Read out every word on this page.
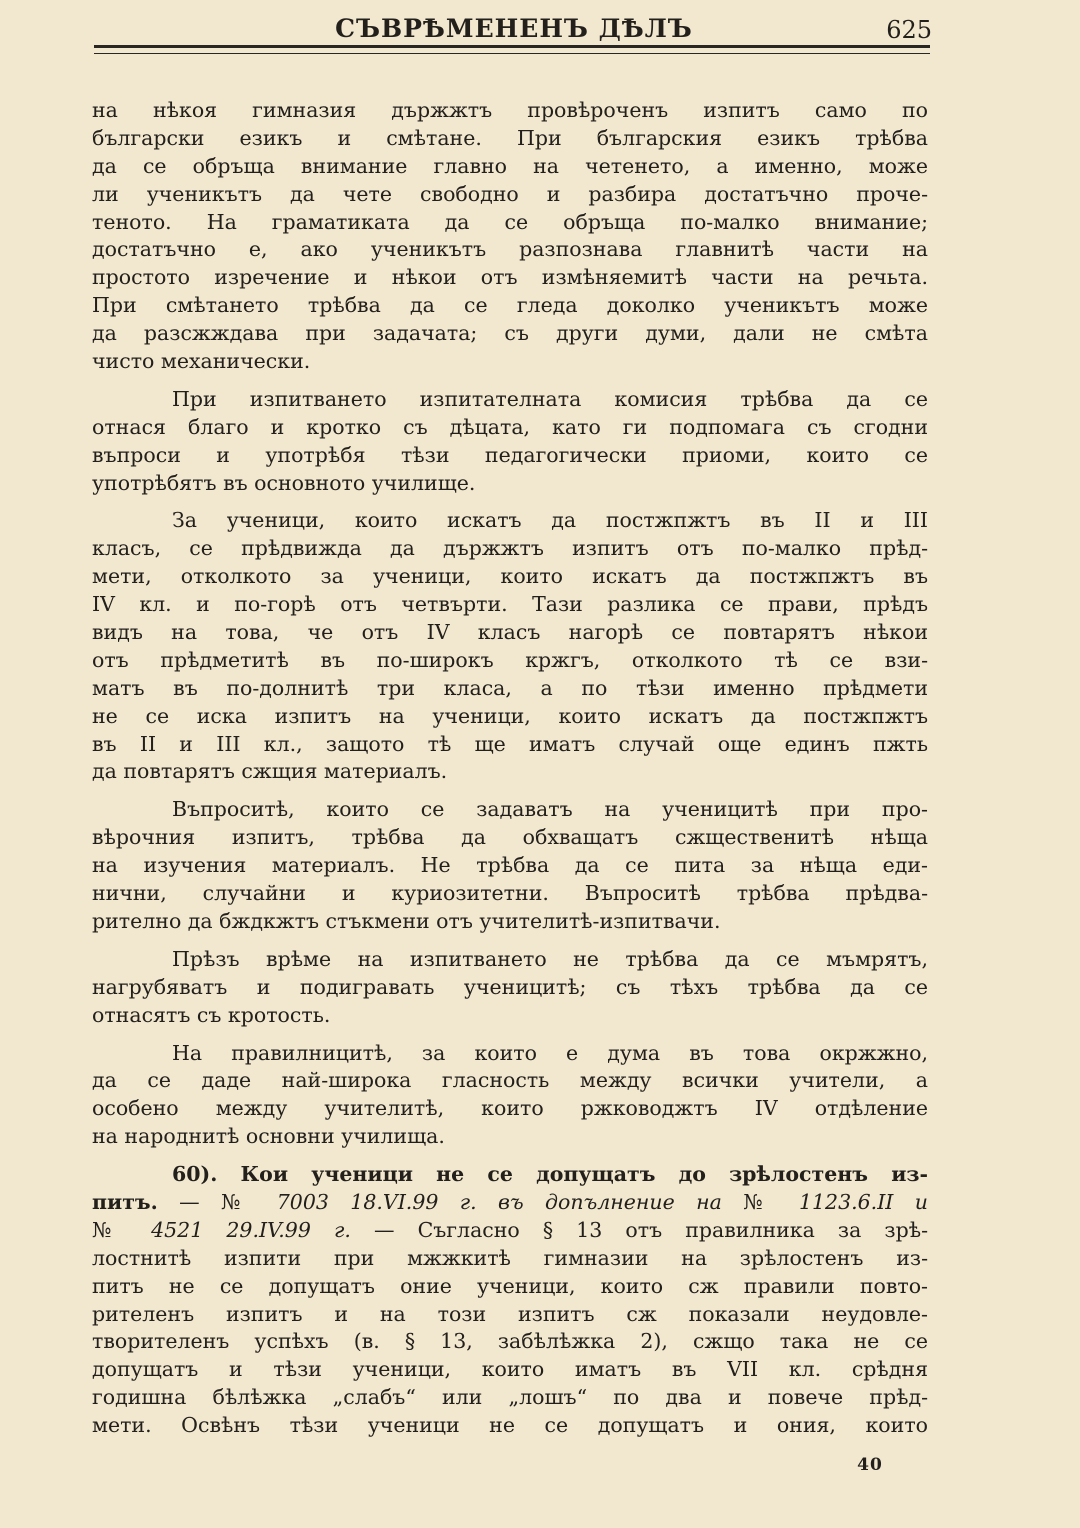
СЪВРѢМЕНЕНЪ ДѢЛЪ	625
на нѣкоя гимназия държжтъ провѣроченъ изпитъ само по
български езикъ и смѣтане. При българския езикъ трѣбва
да се обръща внимание главно на четенето, а именно, може
ли ученикътъ да чете свободно и разбира достатъчно проче-
теното. На граматиката да се обръща по-малко внимание;
достатъчно е, ако ученикътъ разпознава главнитѣ части на
простото изречение и нѣкои отъ измѣняемитѣ части на речьта.
При смѣтането трѣбва да се гледа доколко ученикътъ може
да разсжждава при задачата; съ други думи, дали не смѣта
чисто механически.
При изпитването изпитателната комисия трѣбва да се
отнася благо и кротко съ дѣцата, като ги подпомага съ сгодни
въпроси и употрѣбя тѣзи педагогически приоми, които се
употрѣбятъ въ основното училище.
За ученици, които искатъ да постжпжтъ въ II и III
класъ, се прѣдвижда да държжтъ изпитъ отъ по-малко прѣд-
мети, отколкото за ученици, които искатъ да постжпжтъ въ
IV кл. и по-горѣ отъ четвърти. Тази разлика се прави, прѣдъ
видъ на това, че отъ IV класъ нагорѣ се повтарятъ нѣкои
отъ прѣдметитѣ въ по-широкъ кржгъ, отколкото тѣ се взи-
матъ въ по-долнитѣ три класа, а по тѣзи именно прѣдмети
не се иска изпитъ на ученици, които искатъ да постжпжтъ
въ II и III кл., защото тѣ ще иматъ случай още единъ пжть
да повтарятъ сжщия материалъ.
Въпроситѣ, които се задаватъ на ученицитѣ при про-
вѣрочния изпитъ, трѣбва да обхващатъ сжщественитѣ нѣща
на изучения материалъ. Не трѣбва да се пита за нѣща еди-
нични, случайни и куриозитетни. Въпроситѣ трѣбва прѣдва-
рително да бждкжтъ стъкмени отъ учителитѣ-изпитвачи.
Прѣзъ врѣме на изпитването не трѣбва да се мъмрятъ,
нагрубяватъ и подигравать ученицитѣ; съ тѣхъ трѣбва да се
отнасятъ съ кротость.
На правилницитѣ, за които е дума въ това окржжно,
да се даде най-широка гласность между всички учители, а
особено между учителитѣ, които ржководжтъ IV отдѣление
на народнитѣ основни училища.
60). Кои ученици не се допущатъ до зрѣлостенъ из-
питъ. — № 7003 18.VI.99 г. въ допълнение на № 1123.6.II и
№ 4521 29.IV.99 г. — Съгласно § 13 отъ правилника за зрѣ-
лостнитѣ изпити при мжжкитѣ гимназии на зрѣлостенъ из-
питъ не се допущатъ оние ученици, които сж правили повто-
рителенъ изпитъ и на този изпитъ сж показали неудовле-
творителенъ успѣхъ (в. § 13, забѣлѣжка 2), сжщо така не се
допущатъ и тѣзи ученици, които иматъ въ VII кл. срѣдня
годишна бѣлѣжка „слабъ“ или „лошъ“ по два и повече прѣд-
мети. Освѣнъ тѣзи ученици не се допущатъ и ония, които
40
